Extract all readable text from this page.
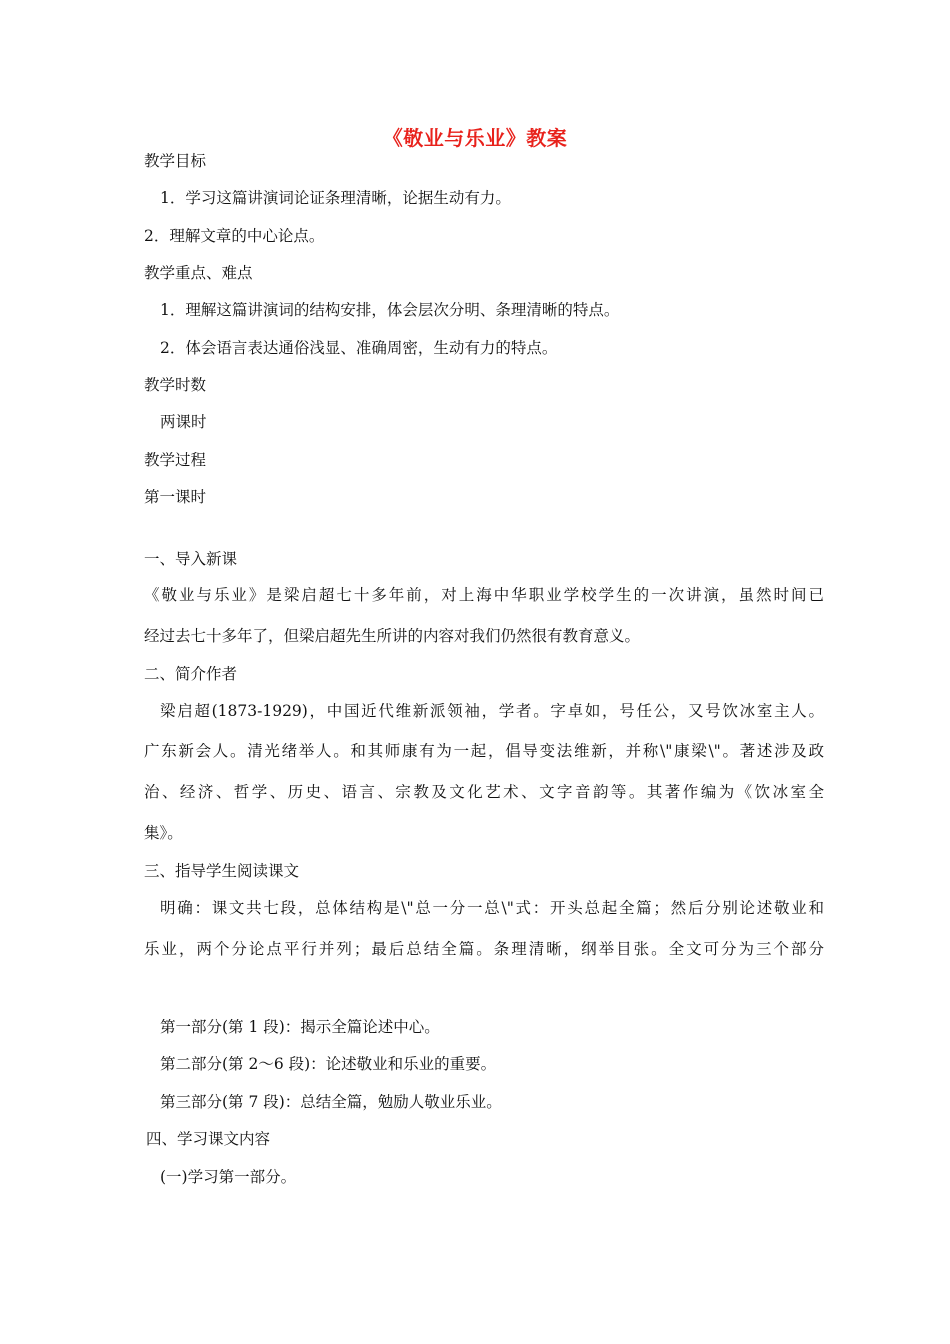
《敬业与乐业》教案
教学目标
1．学习这篇讲演词论证条理清晰，论据生动有力。
2．理解文章的中心论点。
教学重点、难点
1．理解这篇讲演词的结构安排，体会层次分明、条理清晰的特点。
2．体会语言表达通俗浅显、准确周密，生动有力的特点。
教学时数
两课时
教学过程
第一课时
一、导入新课
《敬业与乐业》是梁启超七十多年前，对上海中华职业学校学生的一次讲演，虽然时间已
经过去七十多年了，但梁启超先生所讲的内容对我们仍然很有教育意义。
二、简介作者
梁启超(1873-1929)，中国近代维新派领袖，学者。字卓如，号任公，又号饮冰室主人。
广东新会人。清光绪举人。和其师康有为一起，倡导变法维新，并称\"康梁\"。著述涉及政
治、经济、哲学、历史、语言、宗教及文化艺术、文字音韵等。其著作编为《饮冰室全
集》。
三、指导学生阅读课文
明确：课文共七段，总体结构是\"总一分一总\"式：开头总起全篇；然后分别论述敬业和
乐业，两个分论点平行并列；最后总结全篇。条理清晰，纲举目张。全文可分为三个部分
第一部分(第 1 段)：揭示全篇论述中心。
第二部分(第 2～6 段)：论述敬业和乐业的重要。
第三部分(第 7 段)：总结全篇，勉励人敬业乐业。
四、学习课文内容
(一)学习第一部分。
